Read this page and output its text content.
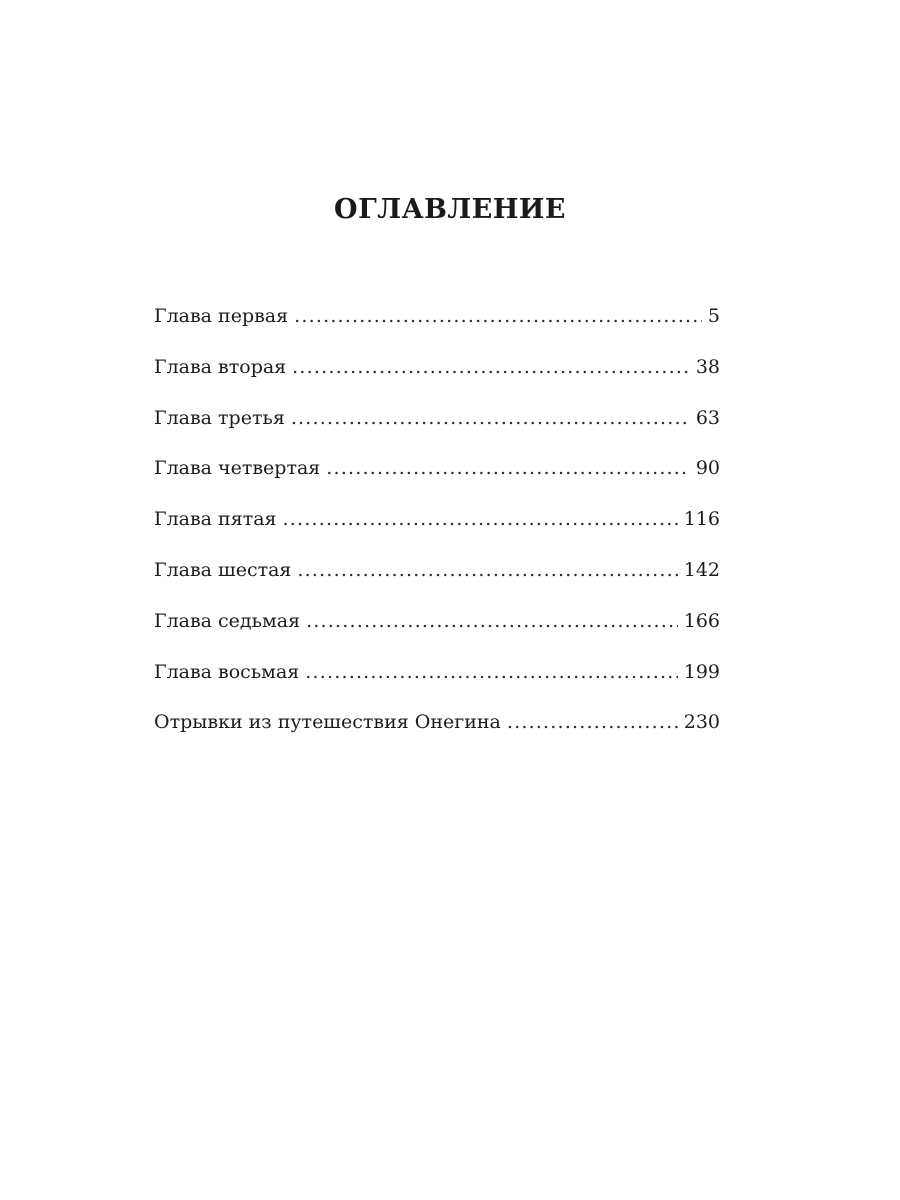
ОГЛАВЛЕНИЕ
Глава первая .....	5
Глава вторая .....	38
Глава третья .....	63
Глава четвертая .....	90
Глава пятая .....	116
Глава шестая .....	142
Глава седьмая .....	166
Глава восьмая .....	199
Отрывки из путешествия Онегина .....	230
